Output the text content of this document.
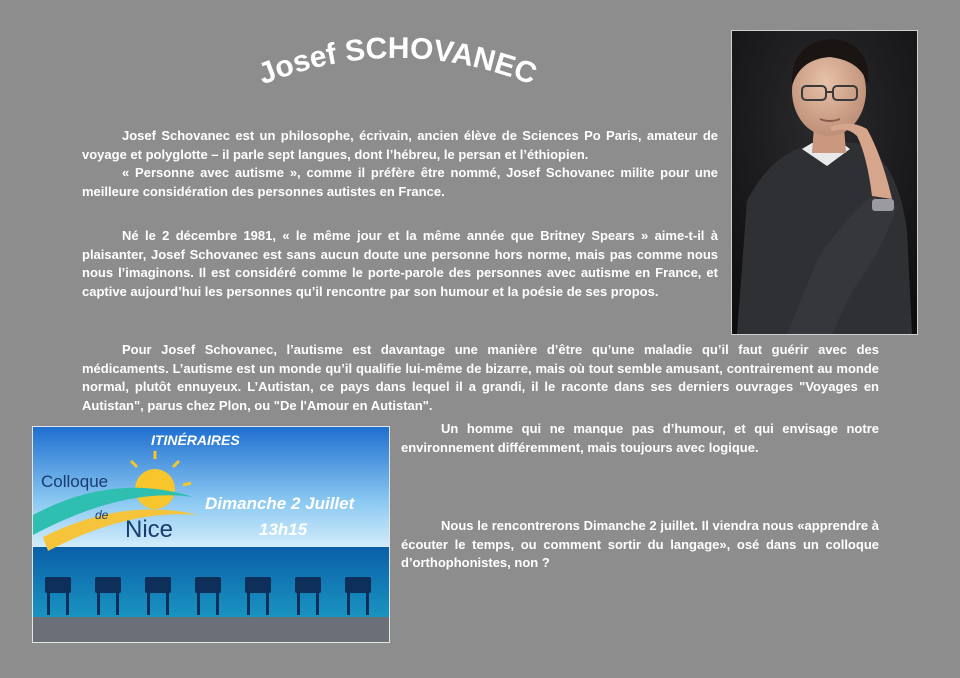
Josef SCHOVANEC

Josef Schovanec est un philosophe, écrivain, ancien élève de Sciences Po Paris, amateur de voyage et polyglotte – il parle sept langues, dont l’hébreu, le persan et l’éthiopien.

« Personne avec autisme », comme il préfère être nommé, Josef Schovanec milite pour une meilleure considération des personnes autistes en France.

Né le 2 décembre 1981, « le même jour et la même année que Britney Spears » aime-t-il à plaisanter, Josef Schovanec est sans aucun doute une personne hors norme, mais pas comme nous nous l’imaginons. Il est considéré comme le porte-parole des personnes avec autisme en France, et captive aujourd’hui les personnes qu’il rencontre par son humour et la poésie de ses propos.

Pour Josef Schovanec, l’autisme est davantage une manière d’être qu’une maladie qu’il faut guérir avec des médicaments. L’autisme est un monde qu’il qualifie lui-même de bizarre, mais où tout semble amusant, contrairement au monde normal, plutôt ennuyeux. L’Autistan, ce pays dans lequel il a grandi, il le raconte dans ses derniers ouvrages "Voyages en Autistan", parus chez Plon, ou "De l'Amour en Autistan".

Un homme qui ne manque pas d’humour, et qui envisage notre environnement différemment, mais toujours avec logique.

Nous le rencontrerons Dimanche 2 juillet. Il viendra nous «apprendre à écouter le temps, ou comment sortir du langage», osé dans un colloque d’orthophonistes, non ?

ITINÉRAIRES
Colloque
de
Nice
Dimanche 2 Juillet
13h15
